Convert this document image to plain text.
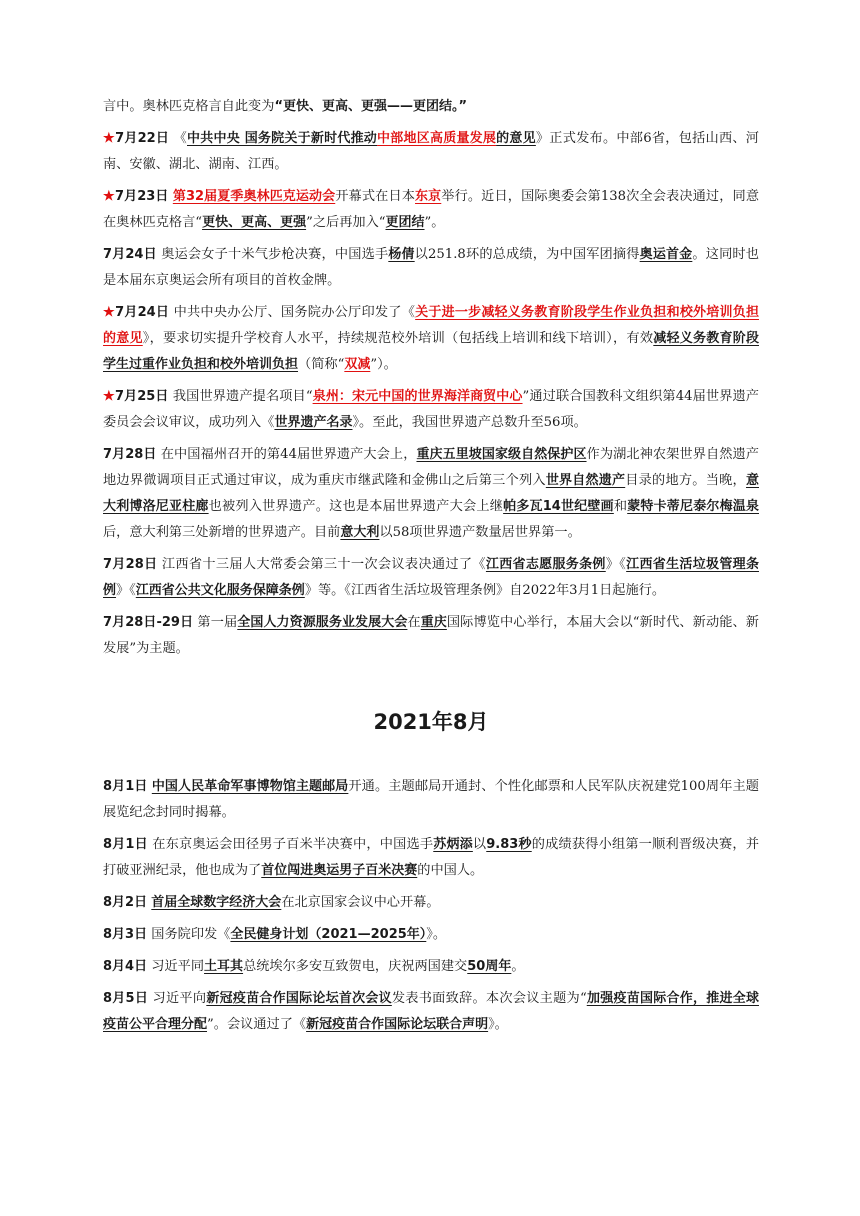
言中。奥林匹克格言自此变为“更快、更高、更强——更团结。”

★7月22日 《中共中央 国务院关于新时代推动中部地区高质量发展的意见》正式发布。中部6省，包括山西、河南、安徽、湖北、湖南、江西。

★7月23日 第32届夏季奥林匹克运动会开幕式在日本东京举行。近日，国际奥委会第138次全会表决通过，同意在奥林匹克格言“更快、更高、更强”之后再加入“更团结”。

7月24日 奥运会女子十米气步枪决赛，中国选手杨倩以251.8环的总成绩，为中国军团摘得奥运首金。这同时也是本届东京奥运会所有项目的首枚金牌。

★7月24日 中共中央办公厅、国务院办公厅印发了《关于进一步减轻义务教育阶段学生作业负担和校外培训负担的意见》，要求切实提升学校育人水平，持续规范校外培训（包括线上培训和线下培训），有效减轻义务教育阶段学生过重作业负担和校外培训负担（简称“双减”）。

★7月25日 我国世界遗产提名项目“泉州：宋元中国的世界海洋商贸中心”通过联合国教科文组织第44届世界遗产委员会会议审议，成功列入《世界遗产名录》。至此，我国世界遗产总数升至56项。

7月28日 在中国福州召开的第44届世界遗产大会上，重庆五里坡国家级自然保护区作为湖北神农架世界自然遗产地边界微调项目正式通过审议，成为重庆市继武隆和金佛山之后第三个列入世界自然遗产目录的地方。当晚，意大利博洛尼亚柱廊也被列入世界遗产。这也是本届世界遗产大会上继帕多瓦14世纪壁画和蒙特卡蒂尼泰尔梅温泉后，意大利第三处新增的世界遗产。目前意大利以58项世界遗产数量居世界第一。

7月28日 江西省十三届人大常委会第三十一次会议表决通过了《江西省志愿服务条例》《江西省生活垃圾管理条例》《江西省公共文化服务保障条例》等。《江西省生活垃圾管理条例》自2022年3月1日起施行。

7月28日-29日 第一届全国人力资源服务业发展大会在重庆国际博览中心举行，本届大会以“新时代、新动能、新发展”为主题。

2021年8月

8月1日 中国人民革命军事博物馆主题邮局开通。主题邮局开通封、个性化邮票和人民军队庆祝建党100周年主题展览纪念封同时揭幕。

8月1日 在东京奥运会田径男子百米半决赛中，中国选手苏炳添以9.83秒的成绩获得小组第一顺利晋级决赛，并打破亚洲纪录，他也成为了首位闯进奥运男子百米决赛的中国人。

8月2日 首届全球数字经济大会在北京国家会议中心开幕。

8月3日 国务院印发《全民健身计划（2021—2025年）》。

8月4日 习近平同土耳其总统埃尔多安互致贺电，庆祝两国建交50周年。

8月5日 习近平向新冠疫苗合作国际论坛首次会议发表书面致辞。本次会议主题为“加强疫苗国际合作，推进全球疫苗公平合理分配”。会议通过了《新冠疫苗合作国际论坛联合声明》。
